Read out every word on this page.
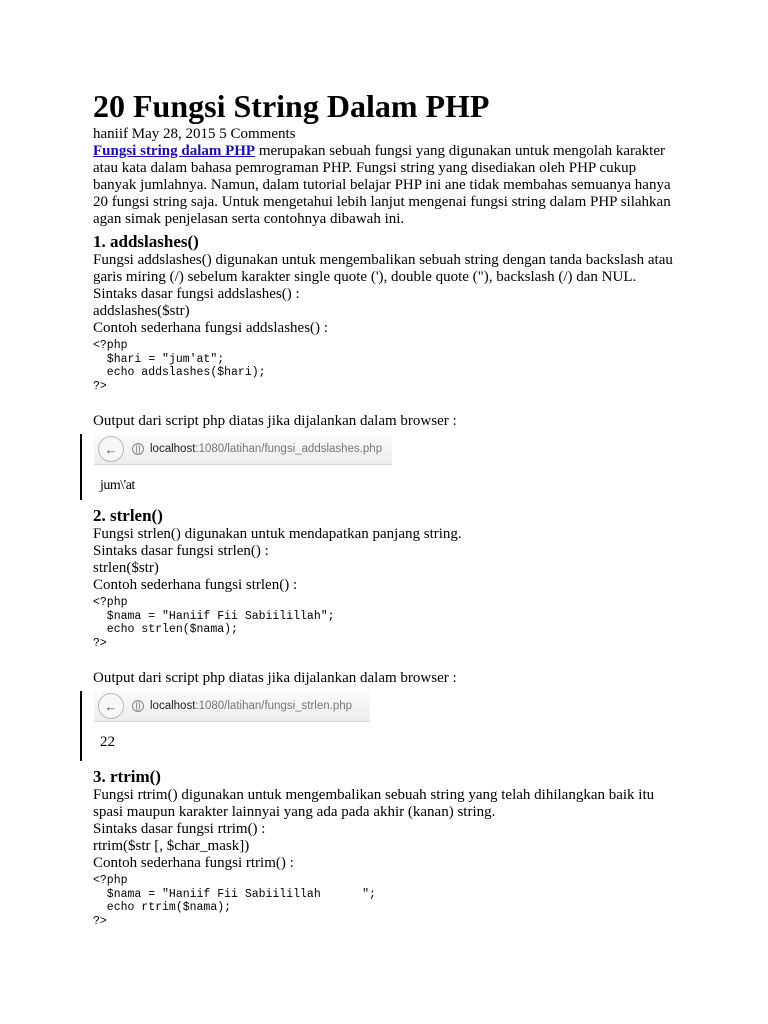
20 Fungsi String Dalam PHP

haniif May 28, 2015 5 Comments

Fungsi string dalam PHP merupakan sebuah fungsi yang digunakan untuk mengolah karakter atau kata dalam bahasa pemrograman PHP. Fungsi string yang disediakan oleh PHP cukup banyak jumlahnya. Namun, dalam tutorial belajar PHP ini ane tidak membahas semuanya hanya 20 fungsi string saja. Untuk mengetahui lebih lanjut mengenai fungsi string dalam PHP silahkan agan simak penjelasan serta contohnya dibawah ini.

1. addslashes()

Fungsi addslashes() digunakan untuk mengembalikan sebuah string dengan tanda backslash atau garis miring (/) sebelum karakter single quote ('), double quote ("), backslash (/) dan NUL.

Sintaks dasar fungsi addslashes() :

addslashes($str)

Contoh sederhana fungsi addslashes() :

<?php
$hari = "jum'at";
echo addslashes($hari);
?>

Output dari script php diatas jika dijalankan dalam browser :

←	localhost :1080/latihan/fungsi_addslashes.php
jum\'at
2. strlen()

Fungsi strlen() digunakan untuk mendapatkan panjang string.

Sintaks dasar fungsi strlen() :

strlen($str)

Contoh sederhana fungsi strlen() :

<?php
$nama = "Haniif Fii Sabiilillah";
echo strlen($nama);
?>

Output dari script php diatas jika dijalankan dalam browser :

←	localhost :1080/latihan/fungsi_strlen.php
22
3. rtrim()

Fungsi rtrim() digunakan untuk mengembalikan sebuah string yang telah dihilangkan baik itu spasi maupun karakter lainnyai yang ada pada akhir (kanan) string.

Sintaks dasar fungsi rtrim() :

rtrim($str [, $char_mask])

Contoh sederhana fungsi rtrim() :

<?php
$nama = "Haniif Fii Sabiilillah      ";
echo rtrim($nama);
?>
